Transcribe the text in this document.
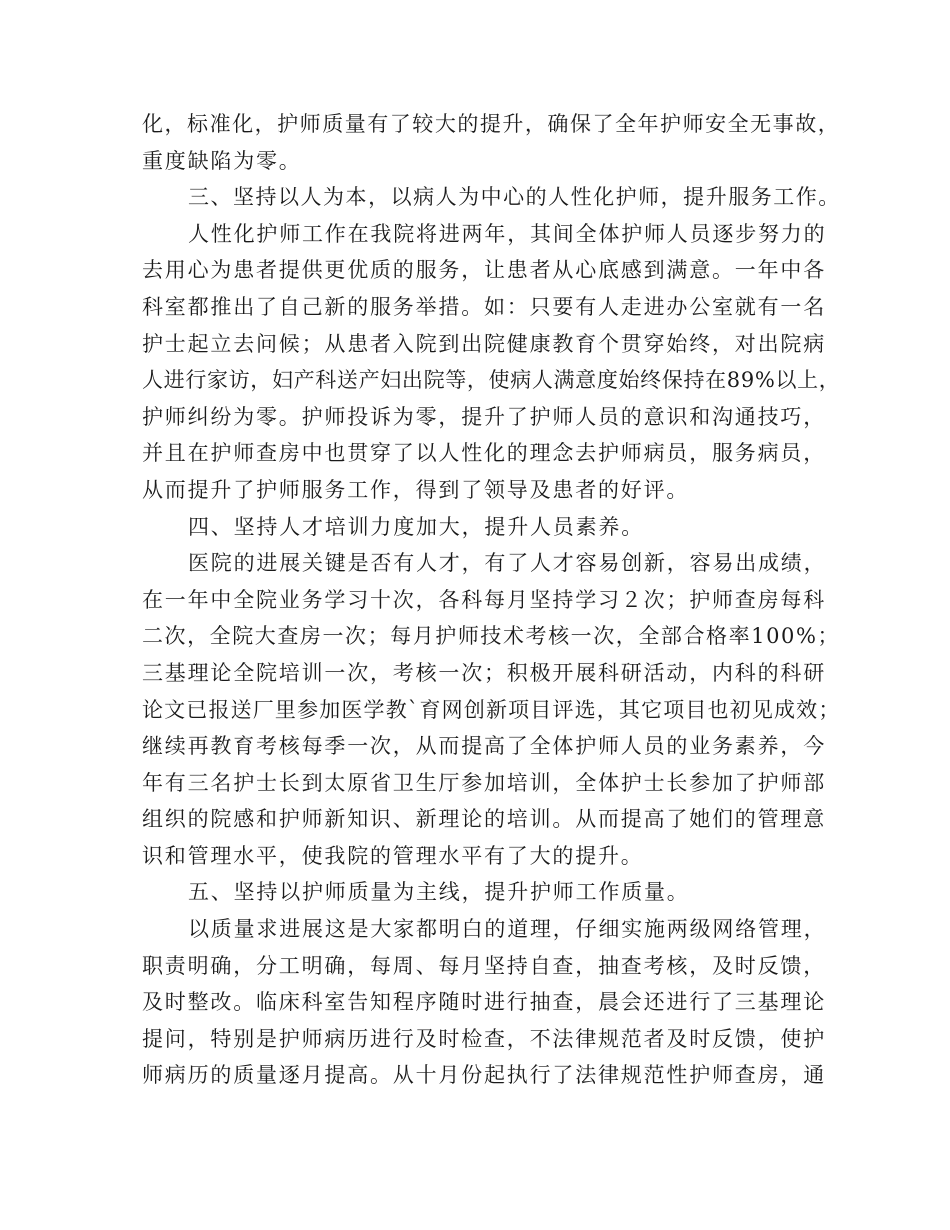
化，标准化，护师质量有了较大的提升，确保了全年护师安全无事故，
重度缺陷为零。
三、坚持以人为本，以病人为中心的人性化护师，提升服务工作。
人性化护师工作在我院将进两年，其间全体护师人员逐步努力的
去用心为患者提供更优质的服务，让患者从心底感到满意。一年中各
科室都推出了自己新的服务举措。如：只要有人走进办公室就有一名
护士起立去问候；从患者入院到出院健康教育个贯穿始终，对出院病
人进行家访，妇产科送产妇出院等，使病人满意度始终保持在89%以上，
护师纠纷为零。护师投诉为零，提升了护师人员的意识和沟通技巧，
并且在护师查房中也贯穿了以人性化的理念去护师病员，服务病员，
从而提升了护师服务工作，得到了领导及患者的好评。
四、坚持人才培训力度加大，提升人员素养。
医院的进展关键是否有人才，有了人才容易创新，容易出成绩，
在一年中全院业务学习十次，各科每月坚持学习２次；护师查房每科
二次，全院大查房一次；每月护师技术考核一次，全部合格率100%；
三基理论全院培训一次，考核一次；积极开展科研活动，内科的科研
论文已报送厂里参加医学教`育网创新项目评选，其它项目也初见成效；
继续再教育考核每季一次，从而提高了全体护师人员的业务素养，今
年有三名护士长到太原省卫生厅参加培训，全体护士长参加了护师部
组织的院感和护师新知识、新理论的培训。从而提高了她们的管理意
识和管理水平，使我院的管理水平有了大的提升。
五、坚持以护师质量为主线，提升护师工作质量。
以质量求进展这是大家都明白的道理，仔细实施两级网络管理，
职责明确，分工明确，每周、每月坚持自查，抽查考核，及时反馈，
及时整改。临床科室告知程序随时进行抽查，晨会还进行了三基理论
提问，特别是护师病历进行及时检查，不法律规范者及时反馈，使护
师病历的质量逐月提高。从十月份起执行了法律规范性护师查房，通
